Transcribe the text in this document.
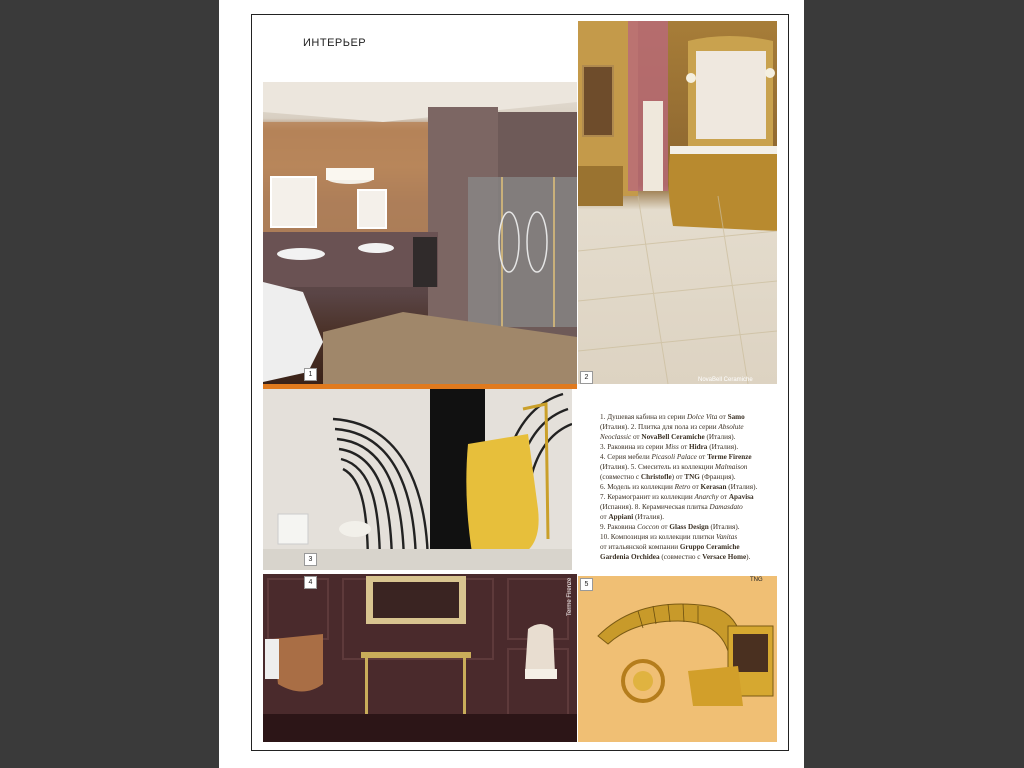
ИНТЕРЬЕР
1	2	NovaBell Ceramiche
3

1. Душевая кабина из серии Dolce Vita от Samo

(Италия). 2. Плитка для пола из серии Absolute

Neoclassic от NovaBell Ceramiche (Италия).

3. Раковина из серии Miss от Hidra (Италия).

4. Серия мебели Picasoli Palace от Terme Firenze

(Италия). 5. Смеситель из коллекции Malmaison

(совместно с Christofle) от TNG (Франция).

6. Модель из коллекции Retro от Kerasan (Италия).

7. Керамогранит из коллекции Anarchy от Apavisa

(Испания). 8. Керамическая плитка Damasdato

от Appiani (Италия).

9. Раковина Coccon от Glass Design (Италия).

10. Композиция из коллекции плитки Vanitas

от итальянской компании Gruppo Ceramiche

Gardenia Orchidea (совместно с Versace Home).

4	Terme Firenze	5
TNG
